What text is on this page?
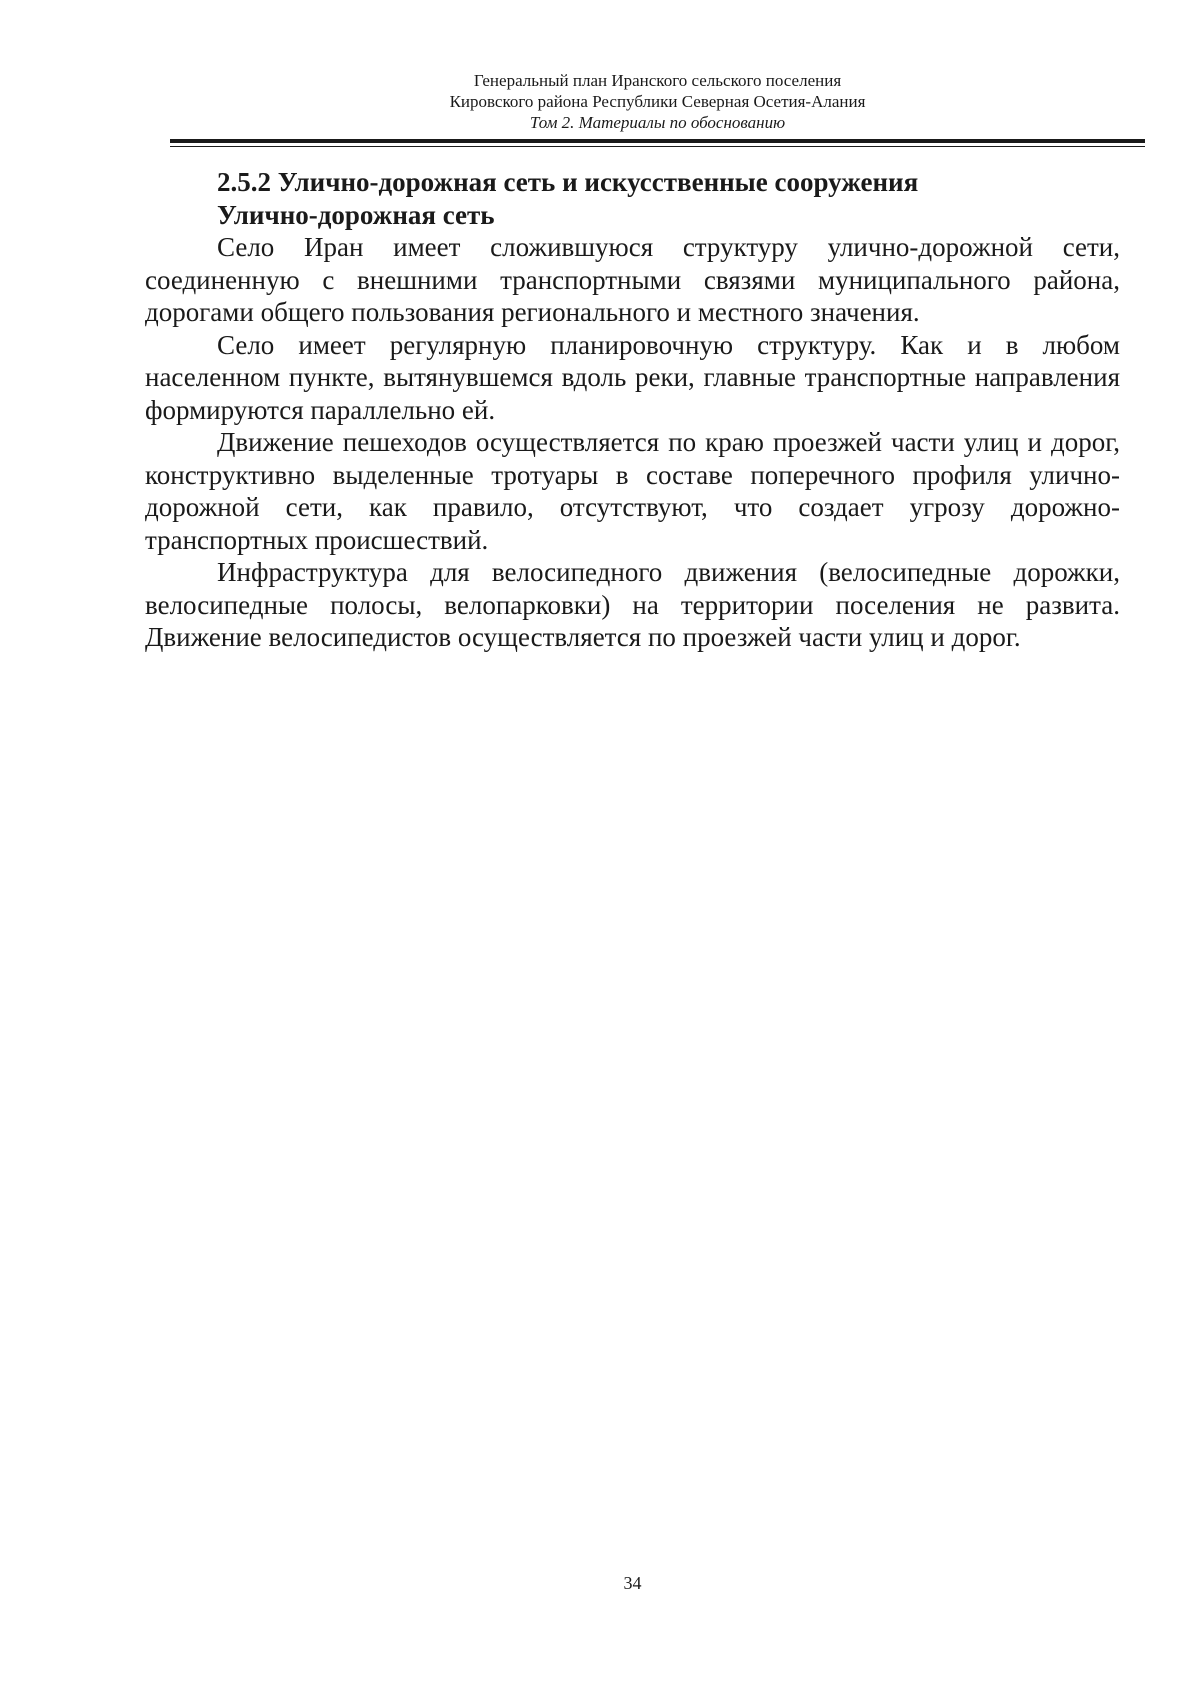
Генеральный план Иранского сельского поселения
Кировского района Республики Северная Осетия-Алания
Том 2. Материалы по обоснованию

2.5.2 Улично-дорожная сеть и искусственные сооружения

Улично-дорожная сеть

Село Иран имеет сложившуюся структуру улично-дорожной сети, соединенную с внешними транспортными связями муниципального района, дорогами общего пользования регионального и местного значения.

Село имеет регулярную планировочную структуру. Как и в любом населенном пункте, вытянувшемся вдоль реки, главные транспортные направления формируются параллельно ей.

Движение пешеходов осуществляется по краю проезжей части улиц и дорог, конструктивно выделенные тротуары в составе поперечного профиля улично-дорожной сети, как правило, отсутствуют, что создает угрозу дорожно-транспортных происшествий.

Инфраструктура для велосипедного движения (велосипедные дорожки, велосипедные полосы, велопарковки) на территории поселения не развита. Движение велосипедистов осуществляется по проезжей части улиц и дорог.

34
